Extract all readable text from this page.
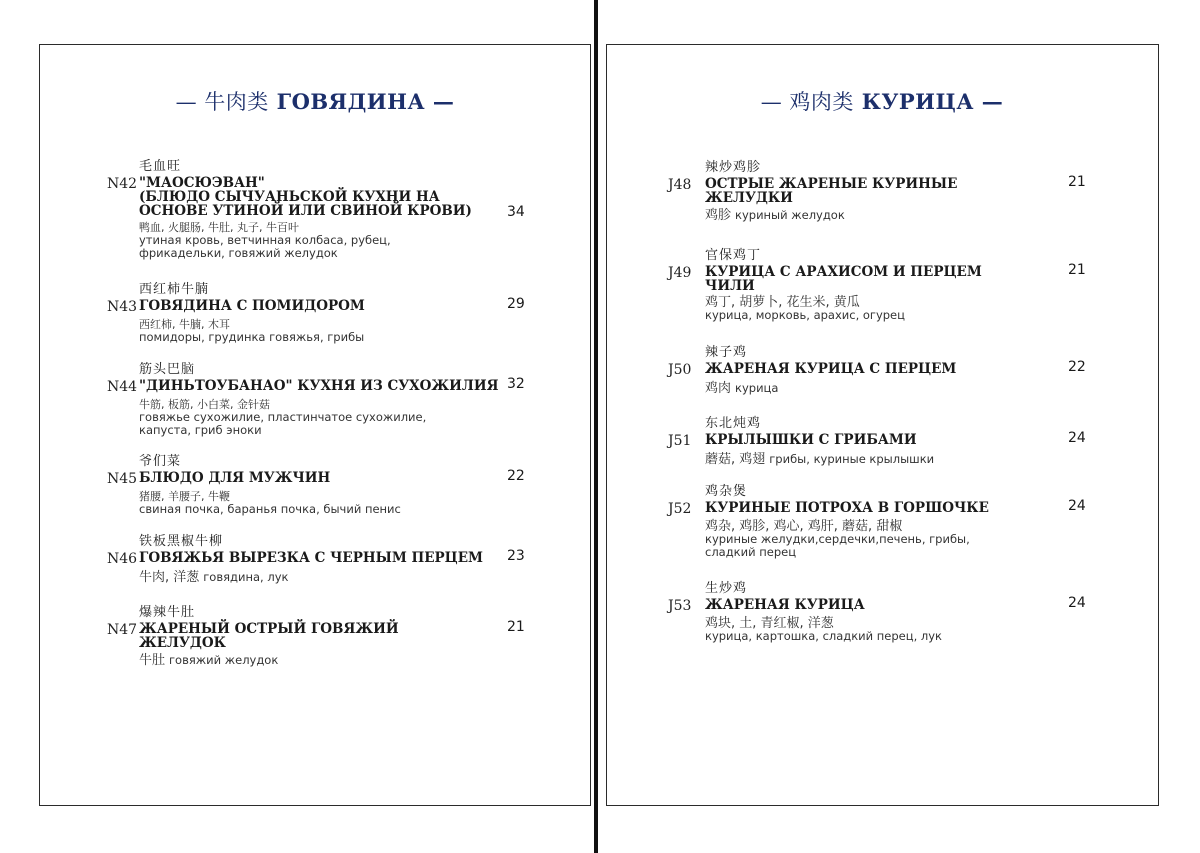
— 牛肉类 ГОВЯДИНА —	— 鸡肉类 КУРИЦА —
毛血旺
N42 "МАОСЮЭВАН"
(БЛЮДО СЫЧУАНЬСКОЙ КУХНИ НА
ОСНОВЕ УТИНОЙ ИЛИ СВИНОЙ КРОВИ)	34
鸭血, 火腿肠, 牛肚, 丸子, 牛百叶
утиная кровь, ветчинная колбаса, рубец,
фрикадельки, говяжий желудок
西红柿牛腩
N43 ГОВЯДИНА С ПОМИДОРОМ	29
西红柿, 牛腩, 木耳
помидоры, грудинка говяжья, грибы
筋头巴脑
N44 "ДИНЬТОУБАНАО" КУХНЯ ИЗ СУХОЖИЛИЯ 32
牛筋, 板筋, 小白菜, 金针菇
говяжье сухожилие, пластинчатое сухожилие,
капуста, гриб эноки
爷们菜
N45 БЛЮДО ДЛЯ МУЖЧИН	22
猪腰, 羊腰子, 牛鞭
свиная почка, баранья почка, бычий пенис
铁板黑椒牛柳
N46 ГОВЯЖЬЯ ВЫРЕЗКА С ЧЕРНЫМ ПЕРЦЕМ 23
牛肉, 洋葱 говядина, лук
爆辣牛肚
N47 ЖАРЕНЫЙ ОСТРЫЙ ГОВЯЖИЙ
ЖЕЛУДОК
21
牛肚 говяжий желудок
辣炒鸡胗
J48	ОСТРЫЕ ЖАРЕНЫЕ КУРИНЫЕ
ЖЕЛУДКИ
21
鸡胗 куриный желудок
官保鸡丁
J49	КУРИЦА С АРАХИСОМ И ПЕРЦЕМ
ЧИЛИ
21
鸡丁, 胡萝卜, 花生米, 黄瓜
курица, морковь, арахис, огурец
辣子鸡
J50	ЖАРЕНАЯ КУРИЦА С ПЕРЦЕМ	22
鸡肉 курица
东北炖鸡
J51	КРЫЛЫШКИ С ГРИБАМИ	24
蘑菇, 鸡翅 грибы, куриные крылышки
鸡杂煲
J52	КУРИНЫЕ ПОТРОХА В ГОРШОЧКЕ	24
鸡杂, 鸡胗, 鸡心, 鸡肝, 蘑菇, 甜椒
куриные желудки,сердечки,печень, грибы,
сладкий перец
生炒鸡
J53	ЖАРЕНАЯ КУРИЦА	24
鸡块, 土, 青红椒, 洋葱
курица, картошка, сладкий перец, лук
